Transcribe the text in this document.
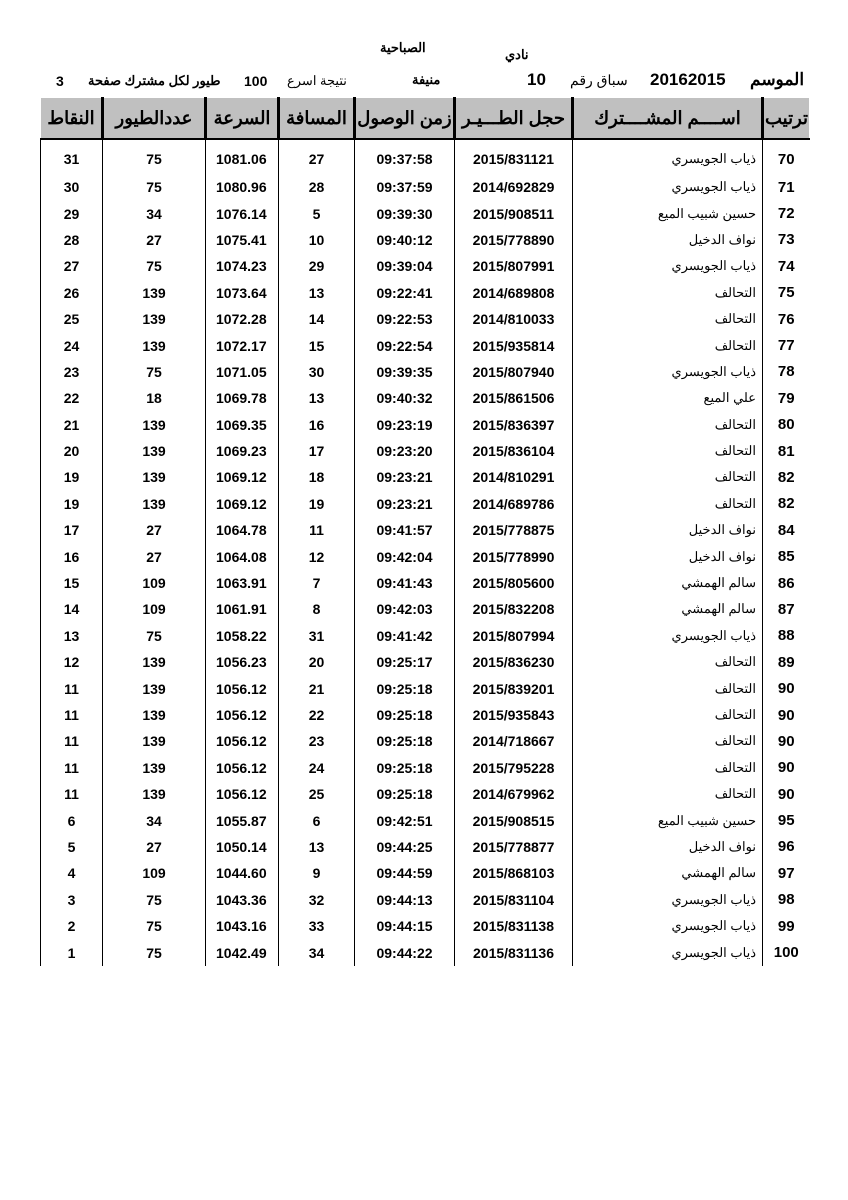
الصباحية	نادي
الموسم
20162015
سباق رقم
10
منيفة
نتيجة اسرع
100
طيور لكل مشترك صفحة
3
النقاط	عددالطيور	السرعة	المسافة	زمن الوصول	حجل الطـــيـر	اســــم المشــــترك	ترتيب
31	75	1081.06	27	09:37:58	2015/831121	ذياب الجويسري	70
30	75	1080.96	28	09:37:59	2014/692829	ذياب الجويسري	71
29	34	1076.14	5	09:39:30	2015/908511	حسين شبيب الميع	72
28	27	1075.41	10	09:40:12	2015/778890	نواف الدخيل	73
27	75	1074.23	29	09:39:04	2015/807991	ذياب الجويسري	74
26	139	1073.64	13	09:22:41	2014/689808	التحالف	75
25	139	1072.28	14	09:22:53	2014/810033	التحالف	76
24	139	1072.17	15	09:22:54	2015/935814	التحالف	77
23	75	1071.05	30	09:39:35	2015/807940	ذياب الجويسري	78
22	18	1069.78	13	09:40:32	2015/861506	علي الميع	79
21	139	1069.35	16	09:23:19	2015/836397	التحالف	80
20	139	1069.23	17	09:23:20	2015/836104	التحالف	81
19	139	1069.12	18	09:23:21	2014/810291	التحالف	82
19	139	1069.12	19	09:23:21	2014/689786	التحالف	82
17	27	1064.78	11	09:41:57	2015/778875	نواف الدخيل	84
16	27	1064.08	12	09:42:04	2015/778990	نواف الدخيل	85
15	109	1063.91	7	09:41:43	2015/805600	سالم الهمشي	86
14	109	1061.91	8	09:42:03	2015/832208	سالم الهمشي	87
13	75	1058.22	31	09:41:42	2015/807994	ذياب الجويسري	88
12	139	1056.23	20	09:25:17	2015/836230	التحالف	89
11	139	1056.12	21	09:25:18	2015/839201	التحالف	90
11	139	1056.12	22	09:25:18	2015/935843	التحالف	90
11	139	1056.12	23	09:25:18	2014/718667	التحالف	90
11	139	1056.12	24	09:25:18	2015/795228	التحالف	90
11	139	1056.12	25	09:25:18	2014/679962	التحالف	90
6	34	1055.87	6	09:42:51	2015/908515	حسين شبيب الميع	95
5	27	1050.14	13	09:44:25	2015/778877	نواف الدخيل	96
4	109	1044.60	9	09:44:59	2015/868103	سالم الهمشي	97
3	75	1043.36	32	09:44:13	2015/831104	ذياب الجويسري	98
2	75	1043.16	33	09:44:15	2015/831138	ذياب الجويسري	99
1	75	1042.49	34	09:44:22	2015/831136	ذياب الجويسري	100
